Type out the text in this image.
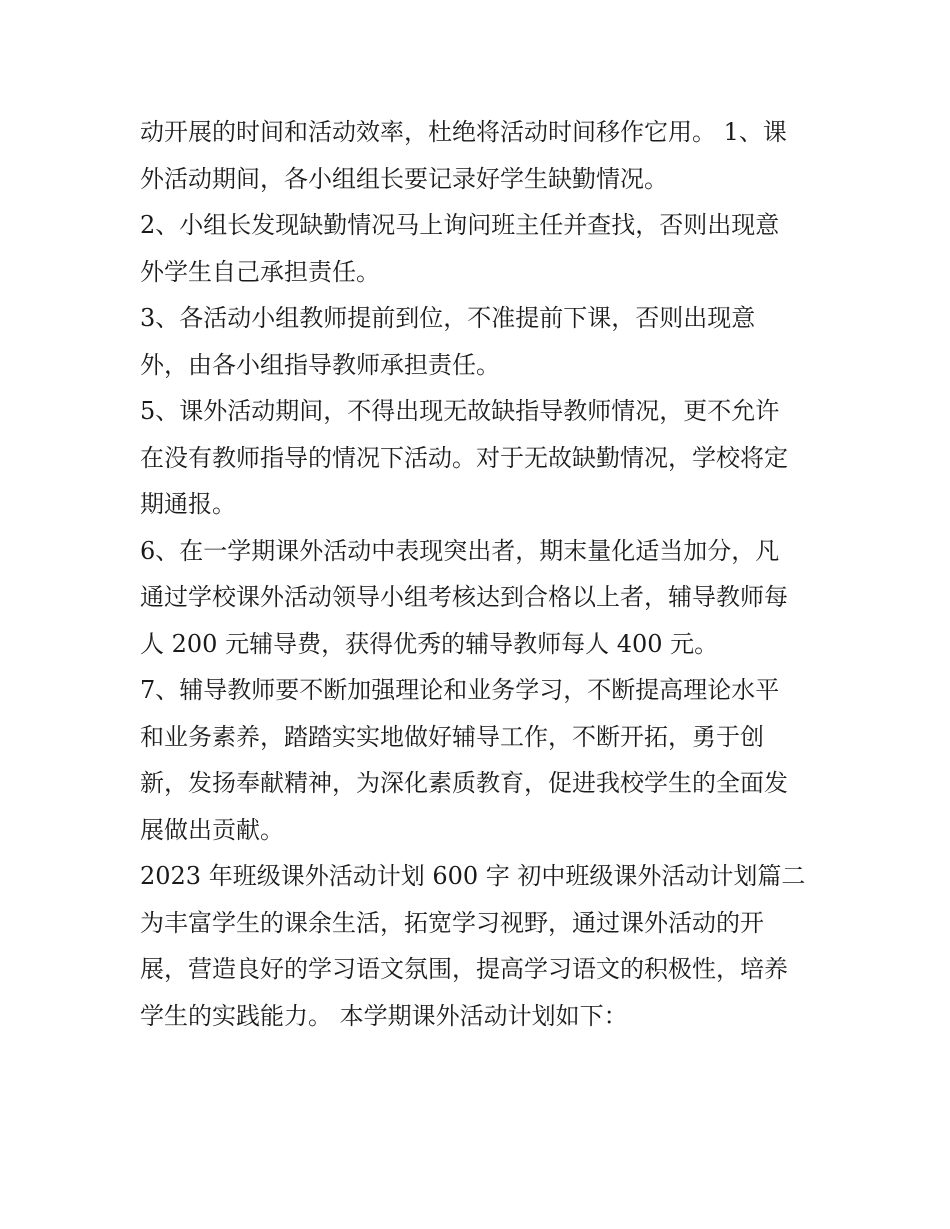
动开展的时间和活动效率，杜绝将活动时间移作它用。 1、课
外活动期间，各小组组长要记录好学生缺勤情况。
2、小组长发现缺勤情况马上询问班主任并查找，否则出现意
外学生自己承担责任。
3、各活动小组教师提前到位，不准提前下课，否则出现意
外，由各小组指导教师承担责任。
5、课外活动期间，不得出现无故缺指导教师情况，更不允许
在没有教师指导的情况下活动。对于无故缺勤情况，学校将定
期通报。
6、在一学期课外活动中表现突出者，期末量化适当加分，凡
通过学校课外活动领导小组考核达到合格以上者，辅导教师每
人 200 元辅导费，获得优秀的辅导教师每人 400 元。
7、辅导教师要不断加强理论和业务学习，不断提高理论水平
和业务素养，踏踏实实地做好辅导工作，不断开拓，勇于创
新，发扬奉献精神，为深化素质教育，促进我校学生的全面发
展做出贡献。
2023 年班级课外活动计划 600 字 初中班级课外活动计划篇二
为丰富学生的课余生活，拓宽学习视野，通过课外活动的开
展，营造良好的学习语文氛围，提高学习语文的积极性，培养
学生的实践能力。 本学期课外活动计划如下：
